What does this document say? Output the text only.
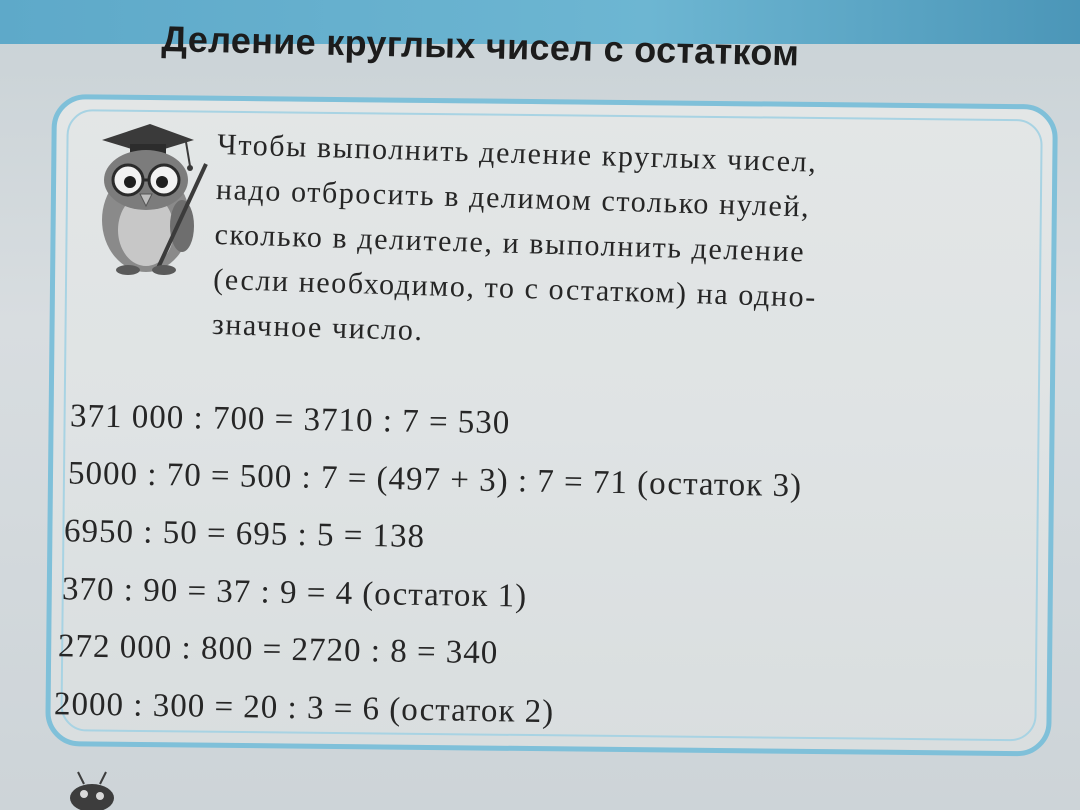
Деление круглых чисел с остатком
Чтобы выполнить деление круглых чисел,
надо отбросить в делимом столько нулей,
сколько в делителе, и выполнить деление
(если необходимо, то с остатком) на одно-
значное число.
371 000 : 700 = 3710 : 7 = 530
5000 : 70 = 500 : 7 = (497 + 3) : 7 = 71 (остаток 3)
6950 : 50 = 695 : 5 = 138
370 : 90 = 37 : 9 = 4 (остаток 1)
272 000 : 800 = 2720 : 8 = 340
2000 : 300 = 20 : 3 = 6 (остаток 2)
